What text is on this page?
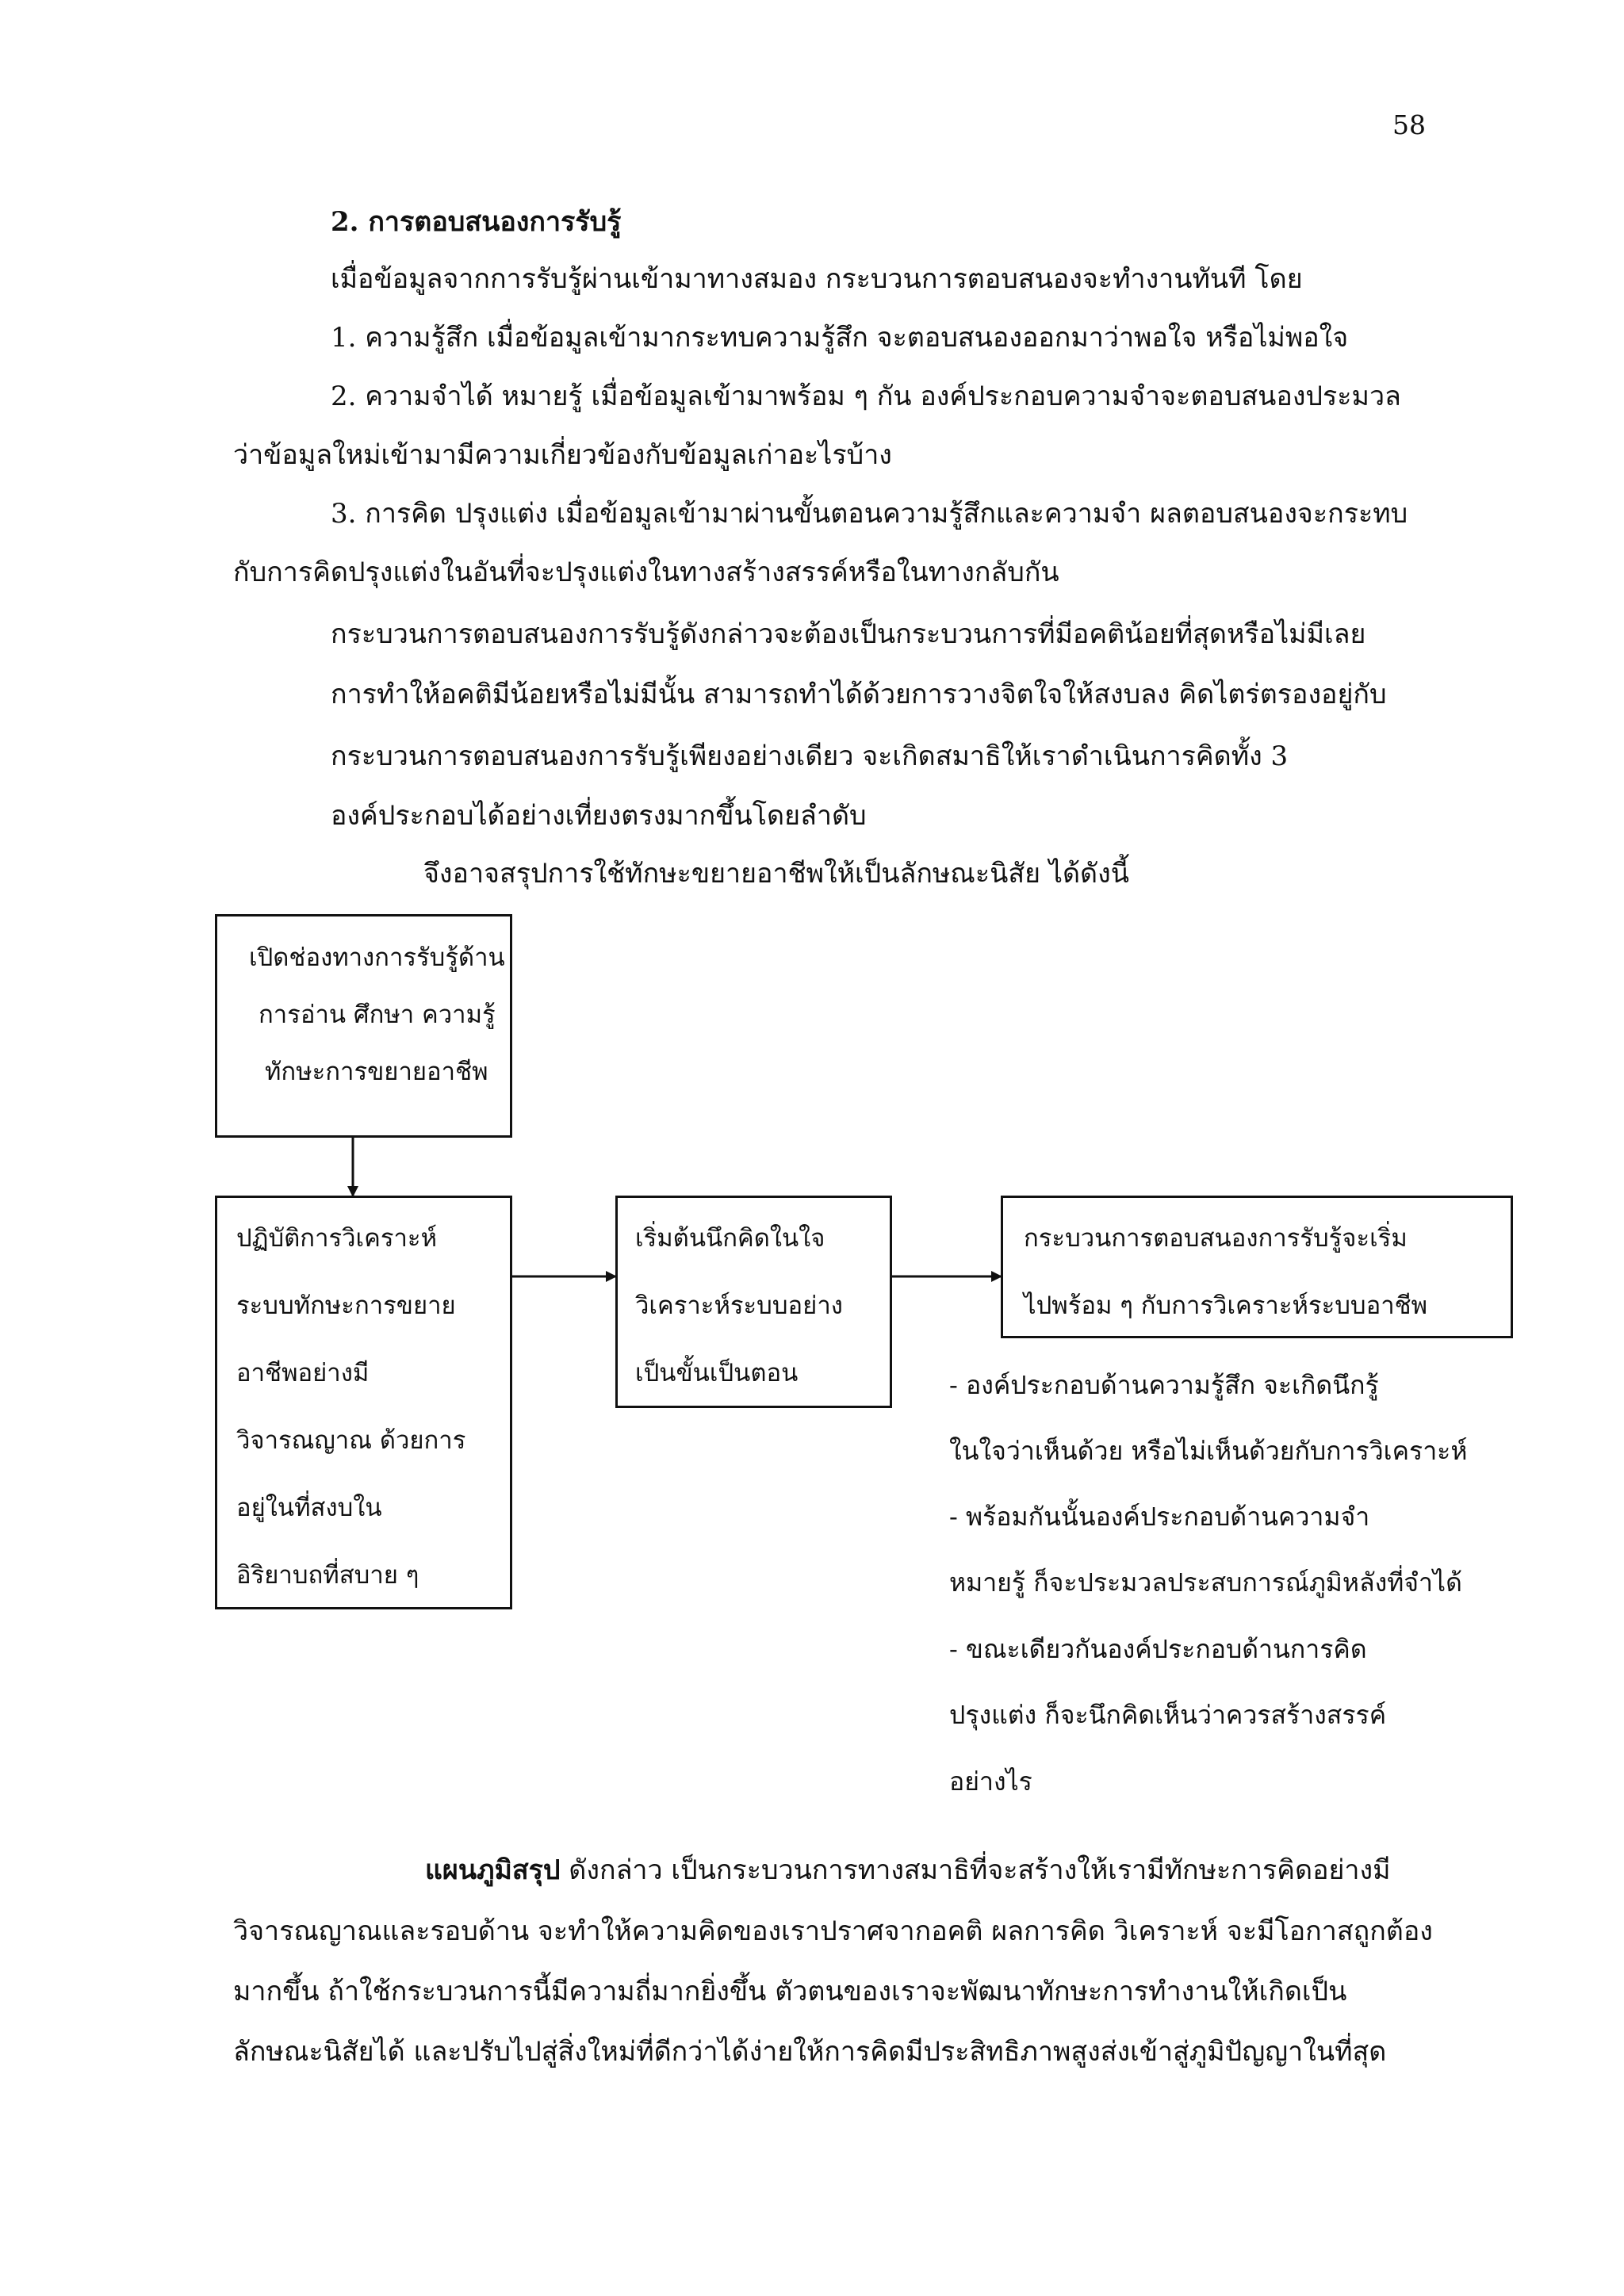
58
2. การตอบสนองการรับรู้
เมื่อข้อมูลจากการรับรู้ผ่านเข้ามาทางสมอง กระบวนการตอบสนองจะทำงานทันที โดย
1. ความรู้สึก เมื่อข้อมูลเข้ามากระทบความรู้สึก จะตอบสนองออกมาว่าพอใจ หรือไม่พอใจ
2. ความจำได้ หมายรู้ เมื่อข้อมูลเข้ามาพร้อม ๆ กัน องค์ประกอบความจำจะตอบสนองประมวล
ว่าข้อมูลใหม่เข้ามามีความเกี่ยวข้องกับข้อมูลเก่าอะไรบ้าง
3. การคิด ปรุงแต่ง เมื่อข้อมูลเข้ามาผ่านขั้นตอนความรู้สึกและความจำ ผลตอบสนองจะกระทบ
กับการคิดปรุงแต่งในอันที่จะปรุงแต่งในทางสร้างสรรค์หรือในทางกลับกัน
กระบวนการตอบสนองการรับรู้ดังกล่าวจะต้องเป็นกระบวนการที่มีอคติน้อยที่สุดหรือไม่มีเลย
การทำให้อคติมีน้อยหรือไม่มีนั้น สามารถทำได้ด้วยการวางจิตใจให้สงบลง คิดไตร่ตรองอยู่กับ
กระบวนการตอบสนองการรับรู้เพียงอย่างเดียว จะเกิดสมาธิให้เราดำเนินการคิดทั้ง 3
องค์ประกอบได้อย่างเที่ยงตรงมากขึ้นโดยลำดับ
จึงอาจสรุปการใช้ทักษะขยายอาชีพให้เป็นลักษณะนิสัย ได้ดังนี้
เปิดช่องทางการรับรู้ด้าน
การอ่าน ศึกษา ความรู้
ทักษะการขยายอาชีพ
ปฏิบัติการวิเคราะห์
ระบบทักษะการขยาย
อาชีพอย่างมี
วิจารณญาณ ด้วยการ
อยู่ในที่สงบใน
อิริยาบถที่สบาย ๆ
เริ่มต้นนึกคิดในใจ
วิเคราะห์ระบบอย่าง
เป็นขั้นเป็นตอน
กระบวนการตอบสนองการรับรู้จะเริ่ม
ไปพร้อม ๆ กับการวิเคราะห์ระบบอาชีพ
- องค์ประกอบด้านความรู้สึก จะเกิดนึกรู้
ในใจว่าเห็นด้วย หรือไม่เห็นด้วยกับการวิเคราะห์
- พร้อมกันนั้นองค์ประกอบด้านความจำ
หมายรู้ ก็จะประมวลประสบการณ์ภูมิหลังที่จำได้
- ขณะเดียวกันองค์ประกอบด้านการคิด
ปรุงแต่ง ก็จะนึกคิดเห็นว่าควรสร้างสรรค์
อย่างไร
แผนภูมิสรุป ดังกล่าว เป็นกระบวนการทางสมาธิที่จะสร้างให้เรามีทักษะการคิดอย่างมี
วิจารณญาณและรอบด้าน จะทำให้ความคิดของเราปราศจากอคติ ผลการคิด วิเคราะห์ จะมีโอกาสถูกต้อง
มากขึ้น ถ้าใช้กระบวนการนี้มีความถี่มากยิ่งขึ้น ตัวตนของเราจะพัฒนาทักษะการทำงานให้เกิดเป็น
ลักษณะนิสัยได้ และปรับไปสู่สิ่งใหม่ที่ดีกว่าได้ง่ายให้การคิดมีประสิทธิภาพสูงส่งเข้าสู่ภูมิปัญญาในที่สุด
